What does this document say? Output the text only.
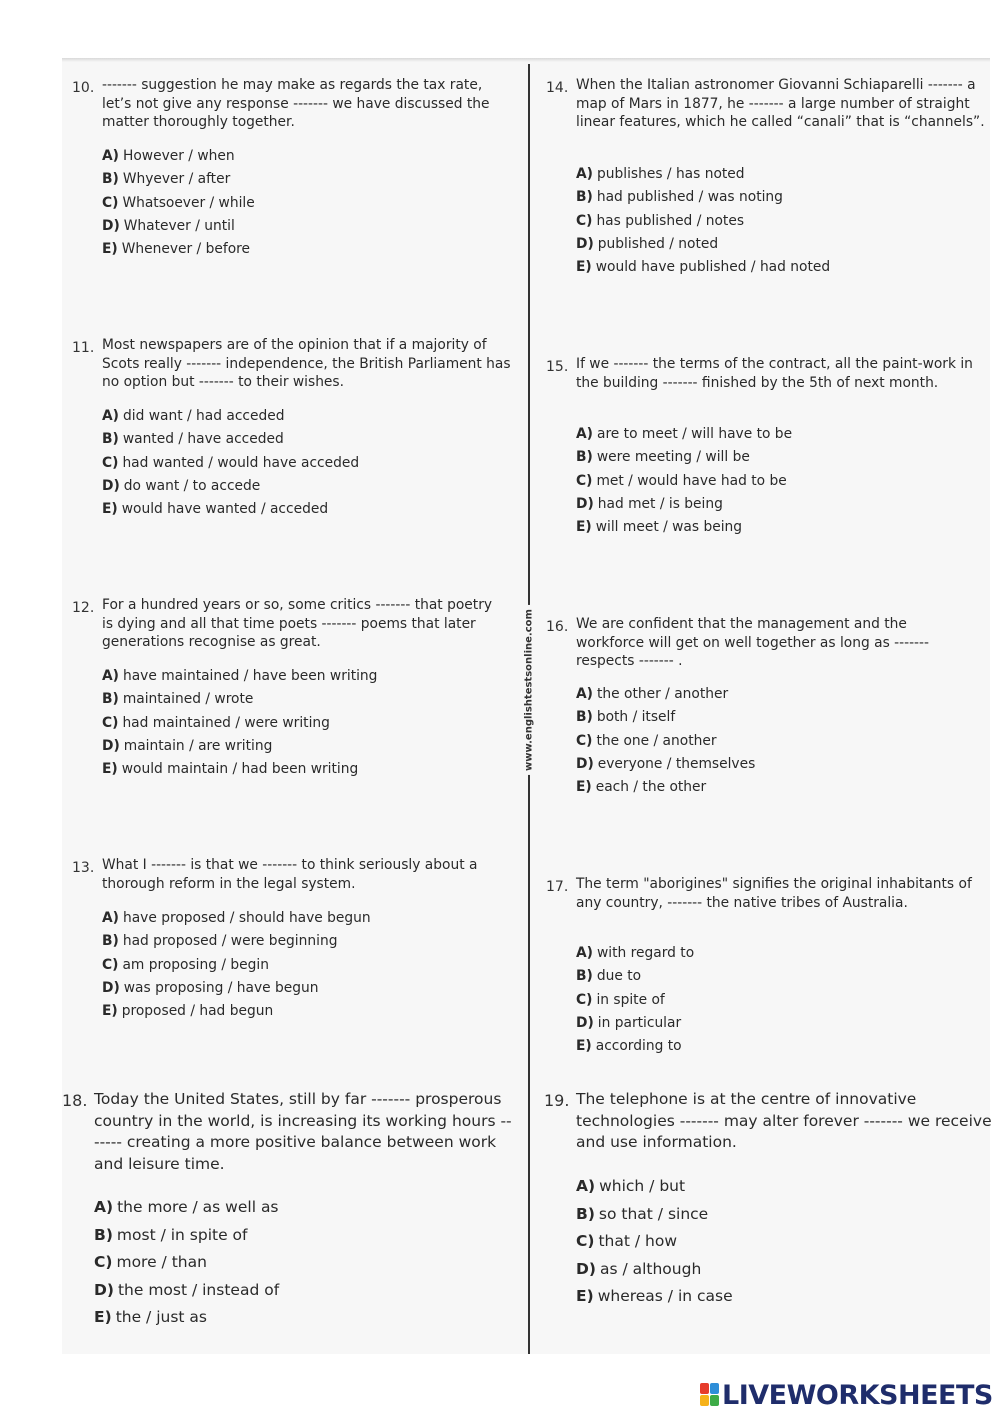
www.englishtestsonline.com
10. ------- suggestion he may make as regards the tax rate, let’s not give any response ------- we have discussed the matter thoroughly together.
A) However / when
B) Whyever / after
C) Whatsoever / while
D) Whatever / until
E) Whenever / before
11. Most newspapers are of the opinion that if a majority of Scots really ------- independence, the British Parliament has no option but ------- to their wishes.
A) did want / had acceded
B) wanted / have acceded
C) had wanted / would have acceded
D) do want / to accede
E) would have wanted / acceded
12. For a hundred years or so, some critics ------- that poetry is dying and all that time poets ------- poems that later generations recognise as great.
A) have maintained / have been writing
B) maintained / wrote
C) had maintained / were writing
D) maintain / are writing
E) would maintain / had been writing
13. What I ------- is that we ------- to think seriously about a thorough reform in the legal system.
A) have proposed / should have begun
B) had proposed / were beginning
C) am proposing / begin
D) was proposing / have begun
E) proposed / had begun
14. When the Italian astronomer Giovanni Schiaparelli ------- a map of Mars in 1877, he ------- a large number of straight linear features, which he called “canali” that is “channels”.
A) publishes / has noted
B) had published / was noting
C) has published / notes
D) published / noted
E) would have published / had noted
15. If we ------- the terms of the contract, all the paint-work in the building ------- finished by the 5th of next month.
A) are to meet / will have to be
B) were meeting / will be
C) met / would have had to be
D) had met / is being
E) will meet / was being
16. We are confident that the management and the workforce will get on well together as long as ------- respects ------- .
A) the other / another
B) both / itself
C) the one / another
D) everyone / themselves
E) each / the other
17. The term "aborigines" signifies the original inhabitants of any country, ------- the native tribes of Australia.
A) with regard to
B) due to
C) in spite of
D) in particular
E) according to
18. Today the United States, still by far ------- prosperous country in the world, is increasing its working hours ------- creating a more positive balance between work and leisure time.
A) the more / as well as
B) most / in spite of
C) more / than
D) the most / instead of
E) the / just as
19. The telephone is at the centre of innovative technologies ------- may alter forever ------- we receive and use information.
A) which / but
B) so that / since
C) that / how
D) as / although
E) whereas / in case
LIVEWORKSHEETS
